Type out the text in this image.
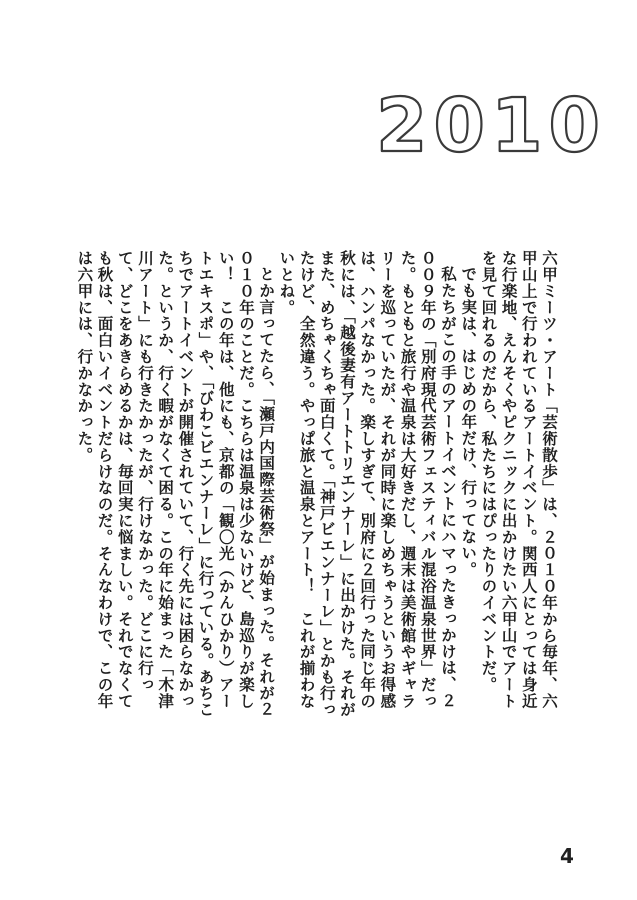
2010

六甲ミーツ・アート「芸術散歩」は、２０１０年から毎年、六甲山上で行われているアートイベント。関西人にとっては身近な行楽地、えんそくやピクニックに出かけたい六甲山でアートを見て回れるのだから、私たちにはぴったりのイベントだ。

でも実は、はじめの年だけ、行ってない。

私たちがこの手のアートイベントにハマったきっかけは、２００９年の「別府現代芸術フェスティバル混浴温泉世界」だった。もともと旅行や温泉は大好きだし、週末は美術館やギャラリーを巡っていたが、それが同時に楽しめちゃうというお得感は、ハンパなかった。楽しすぎて、別府に２回行った同じ年の秋には、「越後妻有アートトリエンナーレ」に出かけた。それがまた、めちゃくちゃ面白くて。「神戸ビエンナーレ」とかも行ったけど、全然違う。やっぱ旅と温泉とアート！　これが揃わないとね。

とか言ってたら、「瀬戸内国際芸術祭」が始まった。それが２０１０年のことだ。こちらは温泉は少ないけど、島巡りが楽しい！　この年は、他にも、京都の「観〇光（かんひかり）アートエキスポ」や、「びわこビエンナーレ」に行っている。あちこちでアートイベントが開催されていて、行く先には困らなかった。というか、行く暇がなくて困る。この年に始まった「木津川アート」にも行きたかったが、行けなかった。どこに行って、どこをあきらめるかは、毎回実に悩ましい。それでなくても秋は、面白いイベントだらけなのだ。そんなわけで、この年は六甲には、行かなかった。

4
